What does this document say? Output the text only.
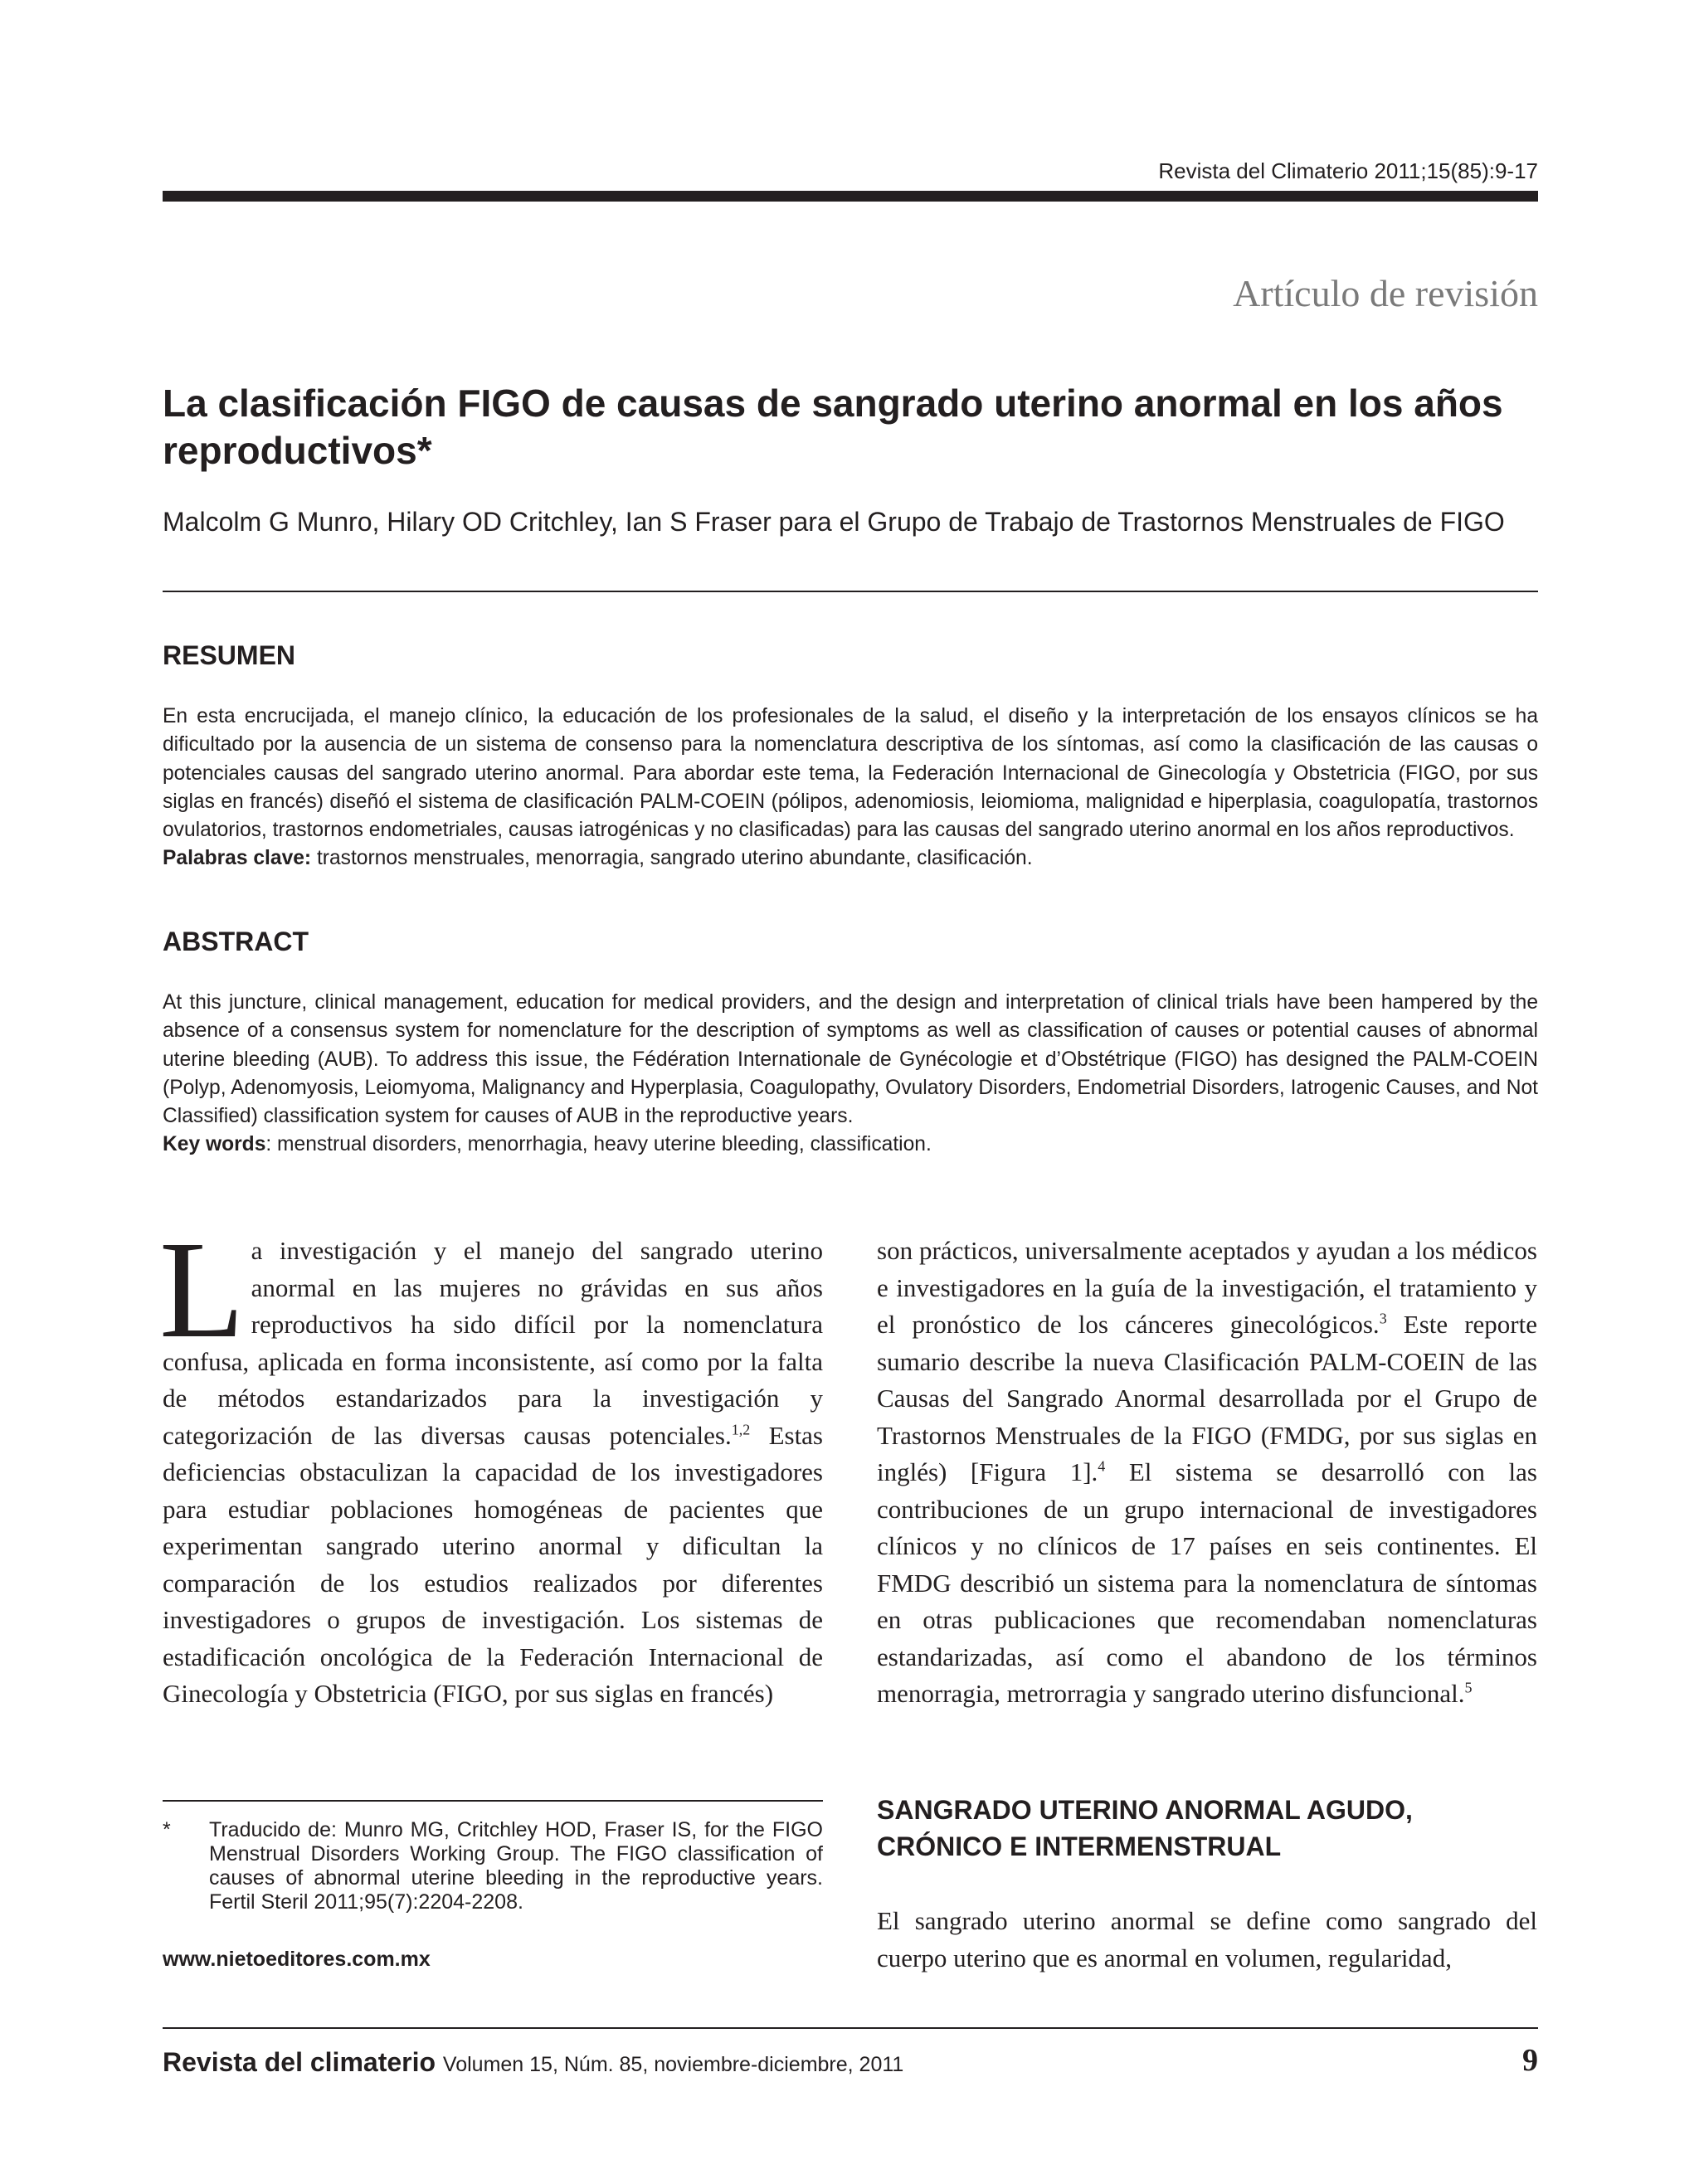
Revista del Climaterio 2011;15(85):9-17
Artículo de revisión
La clasificación FIGO de causas de sangrado uterino anormal en los años reproductivos*
Malcolm G Munro, Hilary OD Critchley, Ian S Fraser para el Grupo de Trabajo de Trastornos Menstruales de FIGO
RESUMEN
En esta encrucijada, el manejo clínico, la educación de los profesionales de la salud, el diseño y la interpretación de los ensayos clínicos se ha dificultado por la ausencia de un sistema de consenso para la nomenclatura descriptiva de los síntomas, así como la clasificación de las causas o potenciales causas del sangrado uterino anormal. Para abordar este tema, la Federación Internacional de Ginecología y Obstetricia (FIGO, por sus siglas en francés) diseñó el sistema de clasificación PALM-COEIN (pólipos, adenomiosis, leiomioma, malignidad e hiperplasia, coagulopatía, trastornos ovulatorios, trastornos endometriales, causas iatrogénicas y no clasificadas) para las causas del sangrado uterino anormal en los años reproductivos.
Palabras clave: trastornos menstruales, menorragia, sangrado uterino abundante, clasificación.
ABSTRACT
At this juncture, clinical management, education for medical providers, and the design and interpretation of clinical trials have been hampered by the absence of a consensus system for nomenclature for the description of symptoms as well as classification of causes or potential causes of abnormal uterine bleeding (AUB). To address this issue, the Fédération Internationale de Gynécologie et d’Obstétrique (FIGO) has designed the PALM-COEIN (Polyp, Adenomyosis, Leiomyoma, Malignancy and Hyperplasia, Coagulopathy, Ovulatory Disorders, Endometrial Disorders, Iatrogenic Causes, and Not Classified) classification system for causes of AUB in the reproductive years.
Key words: menstrual disorders, menorrhagia, heavy uterine bleeding, classification.
La investigación y el manejo del sangrado uterino anormal en las mujeres no grávidas en sus años reproductivos ha sido difícil por la nomenclatura confusa, aplicada en forma inconsistente, así como por la falta de métodos estandarizados para la investigación y categorización de las diversas causas potenciales.$^{1,2}$ Estas deficiencias obstaculizan la capacidad de los investigadores para estudiar poblaciones homogéneas de pacientes que experimentan sangrado uterino anormal y dificultan la comparación de los estudios realizados por diferentes investigadores o grupos de investigación. Los sistemas de estadificación oncológica de la Federación Internacional de Ginecología y Obstetricia (FIGO, por sus siglas en francés)
son prácticos, universalmente aceptados y ayudan a los médicos e investigadores en la guía de la investigación, el tratamiento y el pronóstico de los cánceres ginecológicos.$^3$ Este reporte sumario describe la nueva Clasificación PALM-COEIN de las Causas del Sangrado Anormal desarrollada por el Grupo de Trastornos Menstruales de la FIGO (FMDG, por sus siglas en inglés) [Figura 1].$^4$ El sistema se desarrolló con las contribuciones de un grupo internacional de investigadores clínicos y no clínicos de 17 países en seis continentes. El FMDG describió un sistema para la nomenclatura de síntomas en otras publicaciones que recomendaban nomenclaturas estandarizadas, así como el abandono de los términos menorragia, metrorragia y sangrado uterino disfuncional.$^5$
SANGRADO UTERINO ANORMAL AGUDO, CRÓNICO E INTERMENSTRUAL
El sangrado uterino anormal se define como sangrado del cuerpo uterino que es anormal en volumen, regularidad,
*	Traducido de: Munro MG, Critchley HOD, Fraser IS, for the FIGO Menstrual Disorders Working Group. The FIGO classification of causes of abnormal uterine bleeding in the reproductive years. Fertil Steril 2011;95(7):2204-2208.
www.nietoeditores.com.mx
Revista del climaterio Volumen 15, Núm. 85, noviembre-diciembre, 2011	9
